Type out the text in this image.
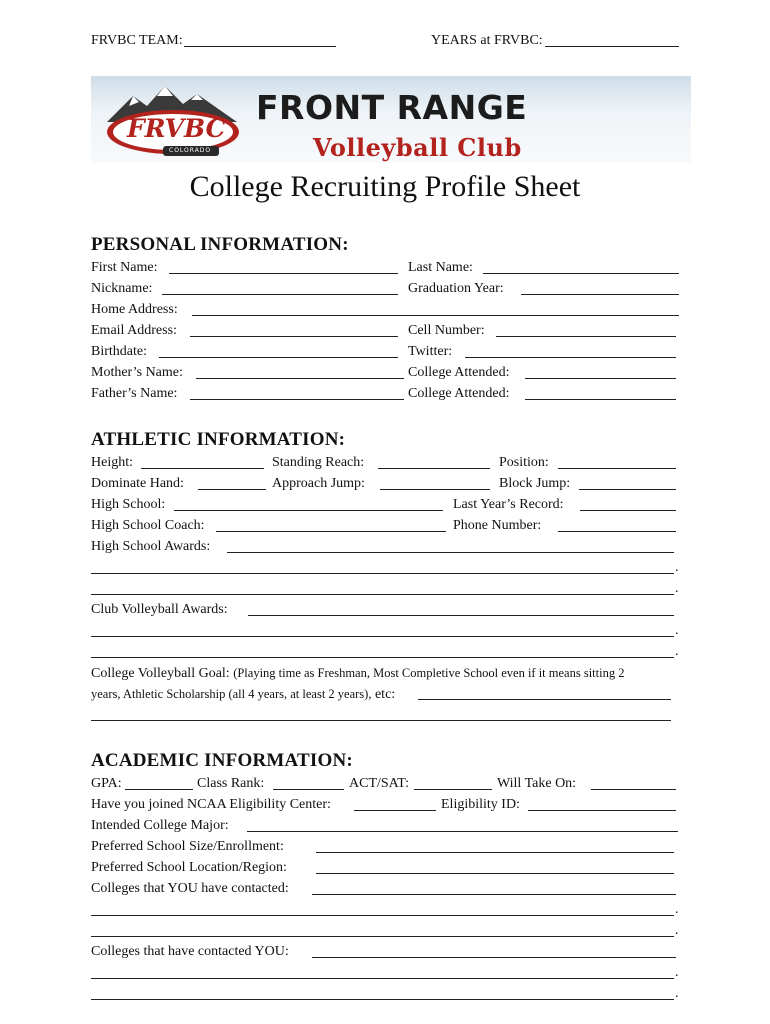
FRVBC TEAM:	YEARS at FRVBC:
FRVBC
COLORADO
FRONT RANGE
Volleyball Club
College Recruiting Profile Sheet
PERSONAL INFORMATION:
First Name:	Last Name:
Nickname:	Graduation Year:
Home Address:
Email Address:	Cell Number:
Birthdate:	Twitter:
Mother’s Name:	College Attended:
Father’s Name:	College Attended:
ATHLETIC INFORMATION:
Height:	Standing Reach:	Position:
Dominate Hand:	Approach Jump:	Block Jump:
High School:	Last Year’s Record:
High School Coach:	Phone Number:
High School Awards:
.
.
Club Volleyball Awards:
.
.
College Volleyball Goal: (Playing time as Freshman, Most Completive School even if it means sitting 2
years, Athletic Scholarship (all 4 years, at least 2 years), etc:
ACADEMIC INFORMATION:
GPA:	Class Rank:	ACT/SAT:	Will Take On:
Have you joined NCAA Eligibility Center:	Eligibility ID:
Intended College Major:
Preferred School Size/Enrollment:
Preferred School Location/Region:
Colleges that YOU have contacted:
.
.
Colleges that have contacted YOU:
.
.
